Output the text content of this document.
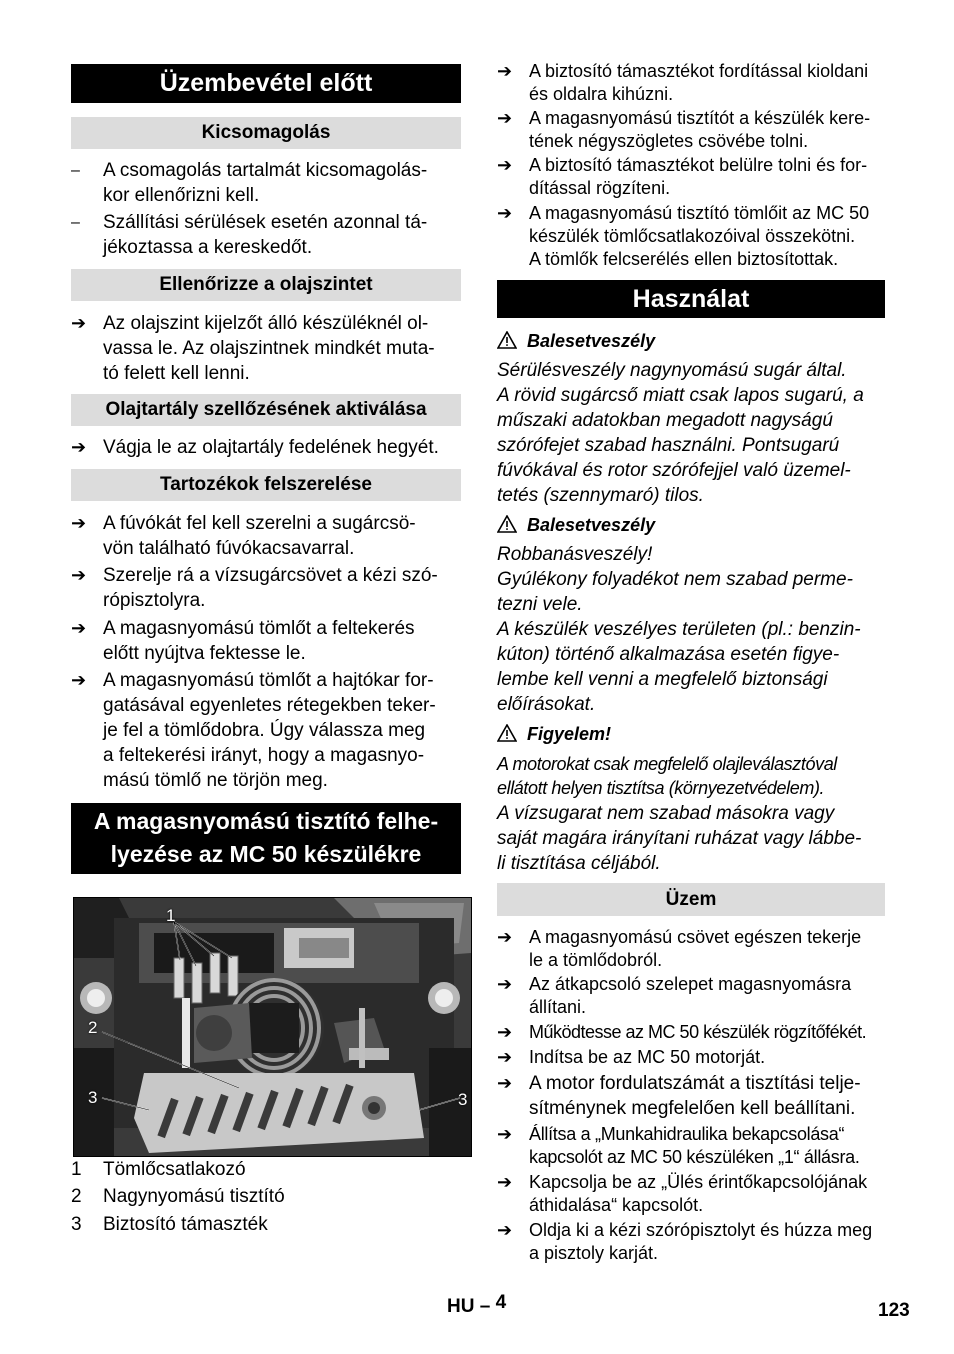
Üzembevétel előtt
Kicsomagolás
– A csomagolás tartalmát kicsomagolás-
kor ellenőrizni kell.
– Szállítási sérülések esetén azonnal tá-
jékoztassa a kereskedőt.
Ellenőrizze a olajszintet
➔ Az olajszint kijelzőt álló készüléknél ol-
vassa le. Az olajszintnek mindkét muta-
tó felett kell lenni.
Olajtartály szellőzésének aktiválása
➔ Vágja le az olajtartály fedelének hegyét.
Tartozékok felszerelése
➔ A fúvókát fel kell szerelni a sugárcsö-
vön található fúvókacsavarral.
➔ Szerelje rá a vízsugárcsövet a kézi szó-
rópisztolyra.
➔ A magasnyomású tömlőt a feltekerés
előtt nyújtva fektesse le.
➔ A magasnyomású tömlőt a hajtókar for-
gatásával egyenletes rétegekben teker-
je fel a tömlődobra. Úgy válassza meg
a feltekerési irányt, hogy a magasnyo-
mású tömlő ne törjön meg.
A magasnyomású tisztító felhe-
lyezése az MC 50 készülékre
1
2
3	3
1 Tömlőcsatlakozó
2 Nagynyomású tisztító
3 Biztosító támaszték
➔ A biztosító támasztékot fordítással kioldani
és oldalra kihúzni.
➔ A magasnyomású tisztítót a készülék kere-
tének négyszögletes csövébe tolni.
➔ A biztosító támasztékot belülre tolni és for-
dítással rögzíteni.
➔ A magasnyomású tisztító tömlőit az MC 50
készülék tömlőcsatlakozóival összekötni.
A tömlők felcserélés ellen biztosítottak.
Használat
Balesetveszély
Sérülésveszély nagynyomású sugár által.
A rövid sugárcső miatt csak lapos sugarú, a
műszaki adatokban megadott nagyságú
szórófejet szabad használni. Pontsugarú
fúvókával és rotor szórófejjel való üzemel-
tetés (szennymaró) tilos.
Balesetveszély
Robbanásveszély!
Gyúlékony folyadékot nem szabad perme-
tezni vele.
A készülék veszélyes területen (pl.: benzin-
kúton) történő alkalmazása esetén figye-
lembe kell venni a megfelelő biztonsági
előírásokat.
Figyelem!
A motorokat csak megfelelő olajleválasztóval
ellátott helyen tisztítsa (környezetvédelem).
A vízsugarat nem szabad másokra vagy
saját magára irányítani ruházat vagy lábbe-
li tisztítása céljából.
Üzem
➔ A magasnyomású csövet egészen tekerje
le a tömlődobról.
➔ Az átkapcsoló szelepet magasnyomásra
állítani.
➔ Működtesse az MC 50 készülék rögzítőfékét.
➔ Indítsa be az MC 50 motorját.
➔ A motor fordulatszámát a tisztítási telje-
sítménynek megfelelően kell beállítani.
➔ Állítsa a „Munkahidraulika bekapcsolása“
kapcsolót az MC 50 készüléken „1“ állásra.
➔ Kapcsolja be az „Ülés érintőkapcsolójának
áthidalása“ kapcsolót.
➔ Oldja ki a kézi szórópisztolyt és húzza meg
a pisztoly karját.
HU – 4	123
